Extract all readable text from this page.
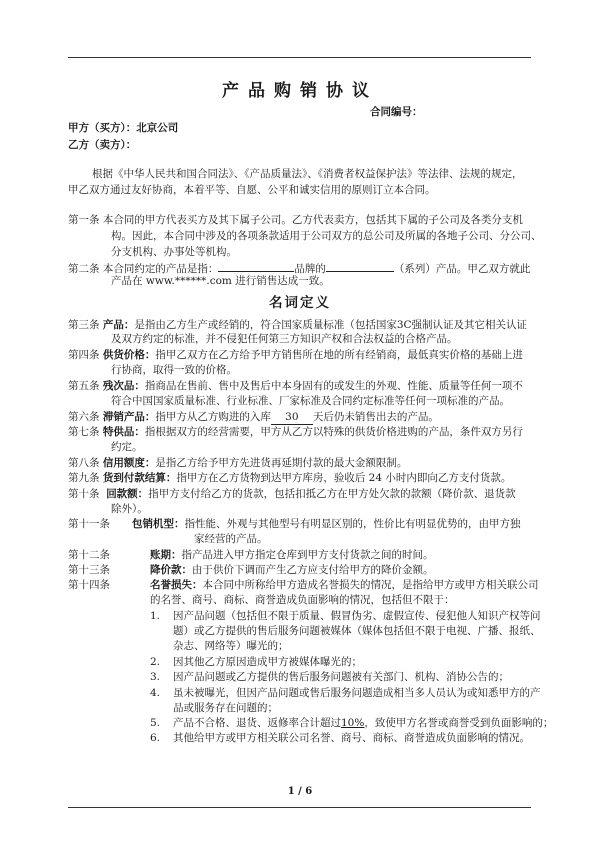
产品购销协议
合同编号：
甲方（买方）：北京公司
乙方（卖方）：
根据《中华人民共和国合同法》、《产品质量法》、《消费者权益保护法》等法律、法规的规定，
甲乙双方通过友好协商，本着平等、自愿、公平和诚实信用的原则订立本合同。
第一条 本合同的甲方代表买方及其下属子公司。乙方代表卖方，包括其下属的子公司及各类分支机
构。因此，本合同中涉及的各项条款适用于公司双方的总公司及所属的各地子公司、分公司、
分支机构、办事处等机构。
第二条 本合同约定的产品是指：	品牌的	（系列）产品。甲乙双方就此
产品在 www.******.com 进行销售达成一致。
名词定义
第三条 产品：是指由乙方生产或经销的，符合国家质量标准（包括国家3C强制认证及其它相关认证
及双方约定的标准，并不侵犯任何第三方知识产权和合法权益的合格产品。
第四条 供货价格：指甲乙双方在乙方给予甲方销售所在地的所有经销商，最低真实价格的基础上进
行协商，取得一致的价格。
第五条 残次品：指商品在售前、售中及售后中本身固有的或发生的外观、性能、质量等任何一项不
符合中国国家质量标准、行业标准、厂家标准及合同约定标准等任何一项标准的产品。
第六条 滞销产品：指甲方从乙方购进的入库 30 天后仍未销售出去的产品。
第七条 特供品：指根据双方的经营需要，甲方从乙方以特殊的供货价格进购的产品，条件双方另行
约定。
第八条 信用额度：是指乙方给予甲方先进货再延期付款的最大金额限制。
第九条 货到付款结算：指甲方在乙方货物到达甲方库房，验收后 24 小时内即向乙方支付货款。
第十条 回款额：指甲方支付给乙方的货款，包括扣抵乙方在甲方处欠款的款额（降价款、退货款
除外）。
第十一条 包销机型：指性能、外观与其他型号有明显区别的，性价比有明显优势的，由甲方独
家经营的产品。
第十二条	账期：指产品进入甲方指定仓库到甲方支付货款之间的时间。
第十三条	降价款：由于供价下调而产生乙方应支付给甲方的降价金额。
第十四条	名誉损失：本合同中所称给甲方造成名誉损失的情况，是指给甲方或甲方相关联公司
的名誉、商号、商标、商誉造成负面影响的情况，包括但不限于：
1. 因产品问题（包括但不限于质量、假冒伪劣、虚假宣传、侵犯他人知识产权等问
题）或乙方提供的售后服务问题被媒体（媒体包括但不限于电视、广播、报纸、
杂志、网络等）曝光的；
2. 因其他乙方原因造成甲方被媒体曝光的；
3. 因产品问题或乙方提供的售后服务问题被有关部门、机构、消协公告的；
4. 虽未被曝光，但因产品问题或售后服务问题造成相当多人员认为或知悉甲方的产
品或服务存在问题的；
5. 产品不合格、退货、返修率合计超过10%，致使甲方名誉或商誉受到负面影响的；
6. 其他给甲方或甲方相关联公司名誉、商号、商标、商誉造成负面影响的情况。
1 / 6
